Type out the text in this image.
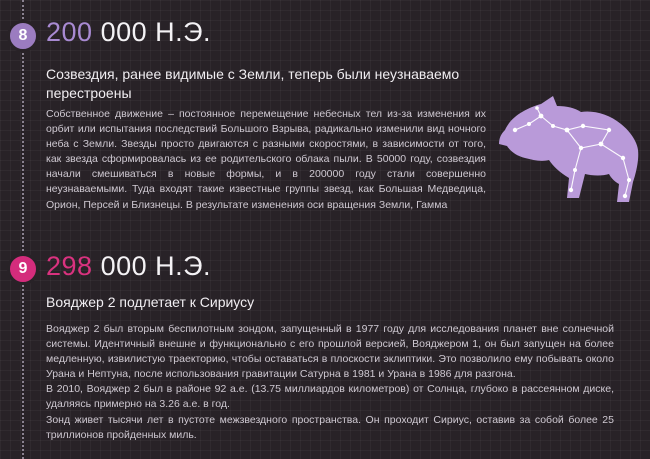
8 200 000 Н.Э.
Созвездия, ранее видимые с Земли, теперь были неузнаваемо перестроены

Собственное движение – постоянное перемещение небесных тел из-за изменения их орбит или испытания последствий Большого Взрыва, радикально изменили вид ночного неба с Земли. Звезды просто двигаются с разными скоростями, в зависимости от того, как звезда сформировалась из ее родительского облака пыли. В 50000 году, созвездия начали смешиваться в новые формы, и в 200000 году стали совершенно неузнаваемыми. Туда входят такие известные группы звезд, как Большая Медведица, Орион, Персей и Близнецы. В результате изменения оси вращения Земли, Гамма

9 298 000 Н.Э.
Вояджер 2 подлетает к Сириусу
Вояджер 2 был вторым беспилотным зондом, запущенный в 1977 году для исследования планет вне солнечной системы. Идентичный внешне и функционально с его прошлой версией, Вояджером 1, он был запущен на более медленную, извилистую траекторию, чтобы оставаться в плоскости эклиптики. Это позволило ему побывать около Урана и Нептуна, после использования гравитации Сатурна в 1981 и Урана в 1986 для разгона.
В 2010, Вояджер 2 был в районе 92 а.е. (13.75 миллиардов километров) от Солнца, глубоко в рассеянном диске, удаляясь примерно на 3.26 а.е. в год.
Зонд живет тысячи лет в пустоте межзвездного пространства. Он проходит Сириус, оставив за собой более 25 триллионов пройденных миль.
